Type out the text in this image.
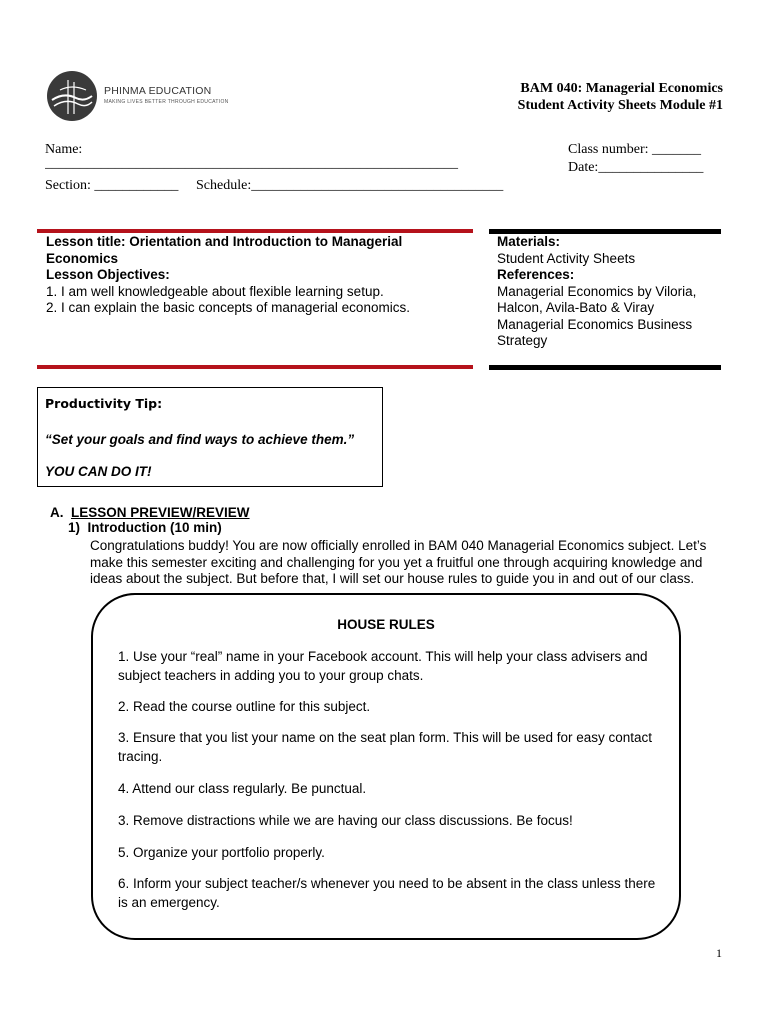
PHINMA EDUCATION
MAKING LIVES BETTER THROUGH EDUCATION
BAM 040: Managerial Economics
Student Activity Sheets Module #1
Name:	Class number: _______
___________________________________________________________	Date:_______________
Section: ____________ Schedule:____________________________________
Lesson title: Orientation and Introduction to Managerial Economics
Lesson Objectives:
1. I am well knowledgeable about flexible learning setup.
2. I can explain the basic concepts of managerial economics.
Materials:
Student Activity Sheets
References:
Managerial Economics by Viloria, Halcon, Avila-Bato & Viray
Managerial Economics Business Strategy
Productivity Tip:
“Set your goals and find ways to achieve them.”
YOU CAN DO IT!
A. LESSON PREVIEW/REVIEW
1) Introduction (10 min)
Congratulations buddy! You are now officially enrolled in BAM 040 Managerial Economics subject. Let’s make this semester exciting and challenging for you yet a fruitful one through acquiring knowledge and ideas about the subject. But before that, I will set our house rules to guide you in and out of our class.
HOUSE RULES
1. Use your “real” name in your Facebook account. This will help your class advisers and subject teachers in adding you to your group chats.
2. Read the course outline for this subject.
3. Ensure that you list your name on the seat plan form. This will be used for easy contact tracing.
4. Attend our class regularly. Be punctual.
3. Remove distractions while we are having our class discussions. Be focus!
5. Organize your portfolio properly.
6. Inform your subject teacher/s whenever you need to be absent in the class unless there is an emergency.
1
